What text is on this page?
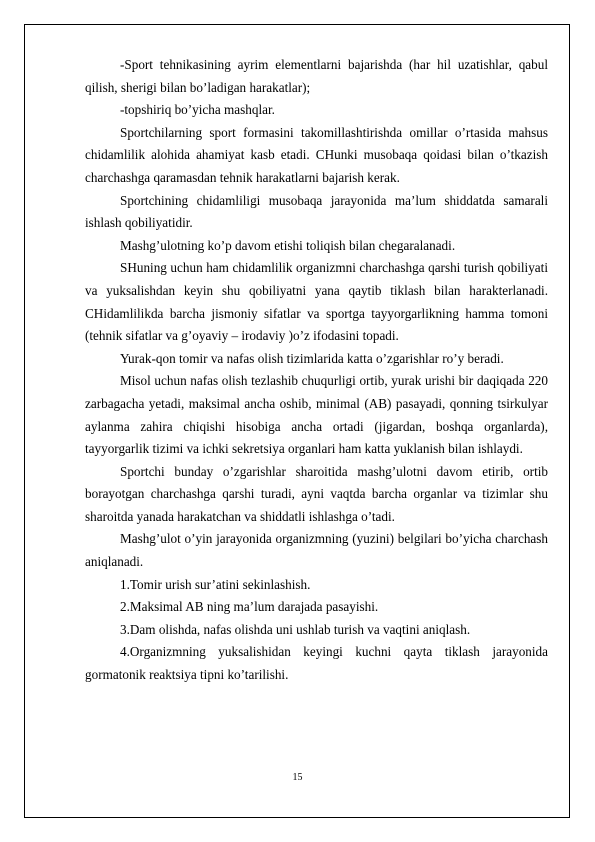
-Sport tehnikasining ayrim elementlarni bajarishda (har hil uzatishlar, qabul qilish, sherigi bilan bo’ladigan harakatlar);

-topshiriq bo’yicha mashqlar.

Sportchilarning sport formasini takomillashtirishda omillar o’rtasida mahsus chidamlilik alohida ahamiyat kasb etadi. CHunki musobaqa qoidasi bilan o’tkazish charchashga qaramasdan tehnik harakatlarni bajarish kerak.

Sportchining chidamliligi musobaqa jarayonida ma’lum shiddatda samarali ishlash qobiliyatidir.

Mashg’ulotning ko’p davom etishi toliqish bilan chegaralanadi.

SHuning uchun ham chidamlilik organizmni charchashga qarshi turish qobiliyati va yuksalishdan keyin shu qobiliyatni yana qaytib tiklash bilan harakterlanadi. CHidamlilikda barcha jismoniy sifatlar va sportga tayyorgarlikning hamma tomoni (tehnik sifatlar va g’oyaviy – irodaviy )o’z ifodasini topadi.

Yurak-qon tomir va nafas olish tizimlarida katta o’zgarishlar ro’y beradi.

Misol uchun nafas olish tezlashib chuqurligi ortib, yurak urishi bir daqiqada 220 zarbagacha yetadi, maksimal ancha oshib, minimal (AB) pasayadi, qonning tsirkulyar aylanma zahira chiqishi hisobiga ancha ortadi (jigardan, boshqa organlarda), tayyorgarlik tizimi va ichki sekretsiya organlari ham katta yuklanish bilan ishlaydi.

Sportchi bunday o’zgarishlar sharoitida mashg’ulotni davom etirib, ortib borayotgan charchashga qarshi turadi, ayni vaqtda barcha organlar va tizimlar shu sharoitda yanada harakatchan va shiddatli ishlashga o’tadi.

Mashg’ulot o’yin jarayonida organizmning (yuzini) belgilari bo’yicha charchash aniqlanadi.

1.Tomir urish sur’atini sekinlashish.

2.Maksimal AB ning ma’lum darajada pasayishi.

3.Dam olishda, nafas olishda uni ushlab turish va vaqtini aniqlash.

4.Organizmning yuksalishidan keyingi kuchni qayta tiklash jarayonida gormatonik reaktsiya tipni ko’tarilishi.

15
